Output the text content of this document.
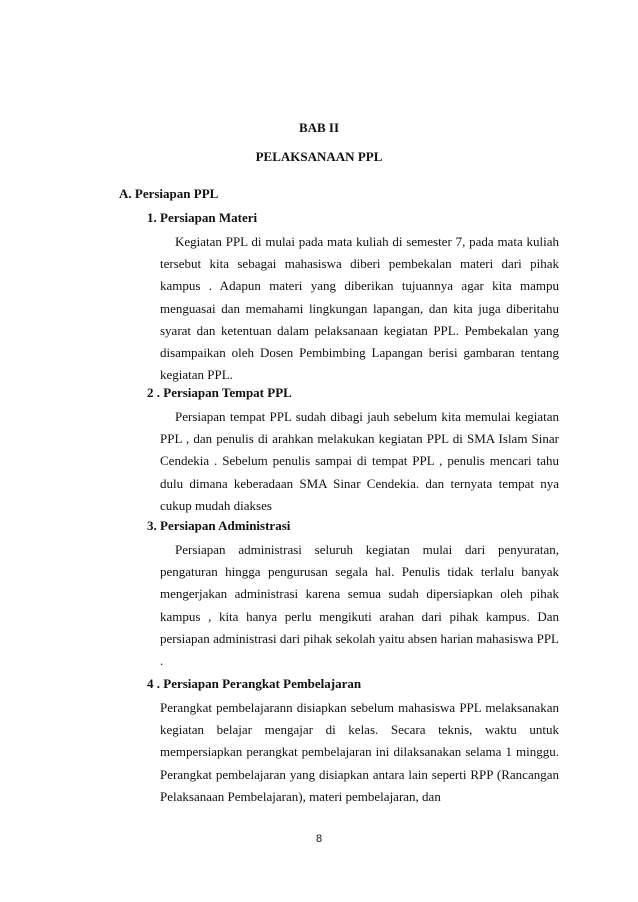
BAB II
PELAKSANAAN PPL
A. Persiapan PPL
1. Persiapan Materi

Kegiatan PPL di mulai pada mata kuliah di semester 7, pada mata kuliah tersebut kita sebagai mahasiswa diberi pembekalan materi dari pihak kampus . Adapun materi yang diberikan tujuannya agar kita mampu menguasai dan memahami lingkungan lapangan, dan kita juga diberitahu syarat dan ketentuan dalam pelaksanaan kegiatan PPL. Pembekalan yang disampaikan oleh Dosen Pembimbing Lapangan berisi gambaran tentang kegiatan PPL.

2 . Persiapan Tempat PPL

Persiapan tempat PPL sudah dibagi jauh sebelum kita memulai kegiatan PPL , dan penulis di arahkan melakukan kegiatan PPL di SMA Islam Sinar Cendekia . Sebelum penulis sampai di tempat PPL , penulis mencari tahu dulu dimana keberadaan SMA Sinar Cendekia. dan ternyata tempat nya cukup mudah diakses

3. Persiapan Administrasi

Persiapan administrasi seluruh kegiatan mulai dari penyuratan, pengaturan hingga pengurusan segala hal. Penulis tidak terlalu banyak mengerjakan administrasi karena semua sudah dipersiapkan oleh pihak kampus , kita hanya perlu mengikuti arahan dari pihak kampus. Dan persiapan administrasi dari pihak sekolah yaitu absen harian mahasiswa PPL .

4 . Persiapan Perangkat Pembelajaran

Perangkat pembelajarann disiapkan sebelum mahasiswa PPL melaksanakan kegiatan belajar mengajar di kelas. Secara teknis, waktu untuk mempersiapkan perangkat pembelajaran ini dilaksanakan selama 1 minggu. Perangkat pembelajaran yang disiapkan antara lain seperti RPP (Rancangan Pelaksanaan Pembelajaran), materi pembelajaran, dan

8
